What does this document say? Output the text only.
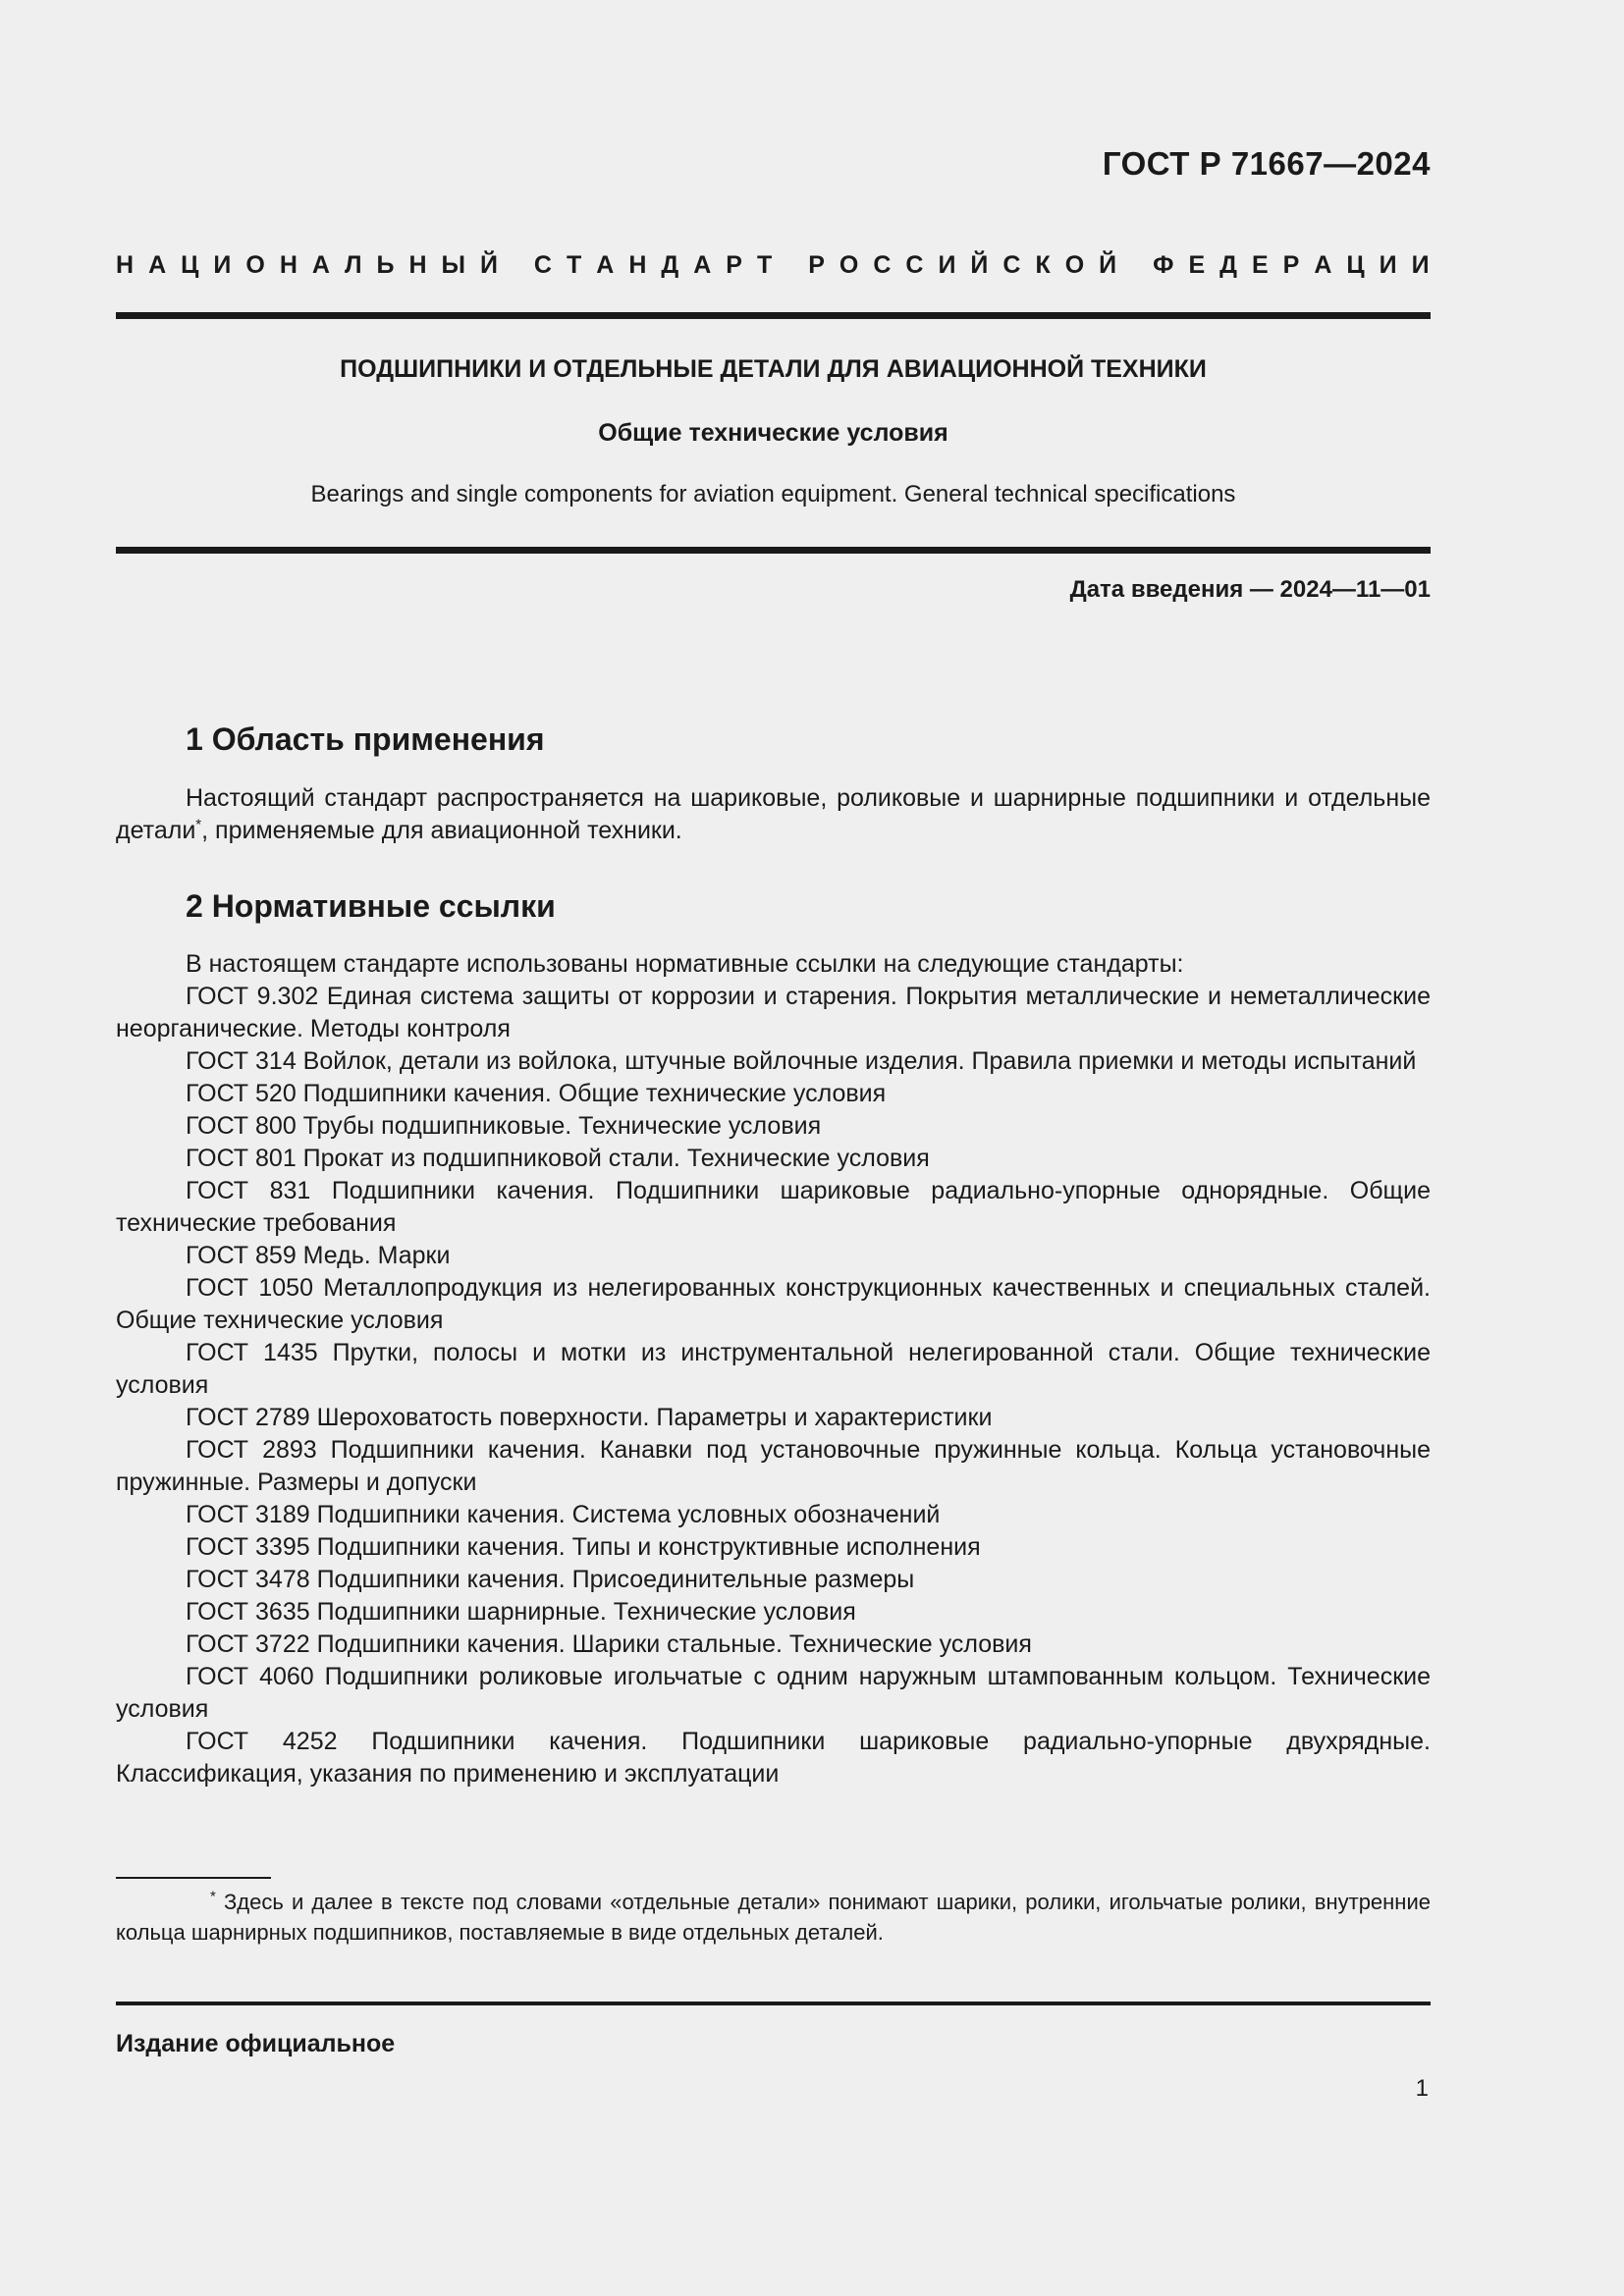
ГОСТ Р 71667—2024
Н А Ц И О Н А Л Ь Н Ы Й
С Т А Н Д А Р Т
Р О С С И Й С К О Й
Ф Е Д Е Р А Ц И И
ПОДШИПНИКИ И ОТДЕЛЬНЫЕ ДЕТАЛИ ДЛЯ АВИАЦИОННОЙ ТЕХНИКИ
Общие технические условия
Bearings and single components for aviation equipment. General technical specifications
Дата введения — 2024—11—01
1 Область применения

Настоящий стандарт распространяется на шариковые, роликовые и шарнирные подшипники и отдельные детали*, применяемые для авиационной техники.

2 Нормативные ссылки

В настоящем стандарте использованы нормативные ссылки на следующие стандарты:

ГОСТ 9.302 Единая система защиты от коррозии и старения. Покрытия металлические и неметаллические неорганические. Методы контроля

ГОСТ 314 Войлок, детали из войлока, штучные войлочные изделия. Правила приемки и методы испытаний

ГОСТ 520 Подшипники качения. Общие технические условия

ГОСТ 800 Трубы подшипниковые. Технические условия

ГОСТ 801 Прокат из подшипниковой стали. Технические условия

ГОСТ 831 Подшипники качения. Подшипники шариковые радиально-упорные однорядные. Общие технические требования

ГОСТ 859 Медь. Марки

ГОСТ 1050 Металлопродукция из нелегированных конструкционных качественных и специальных сталей. Общие технические условия

ГОСТ 1435 Прутки, полосы и мотки из инструментальной нелегированной стали. Общие технические условия

ГОСТ 2789 Шероховатость поверхности. Параметры и характеристики

ГОСТ 2893 Подшипники качения. Канавки под установочные пружинные кольца. Кольца установочные пружинные. Размеры и допуски

ГОСТ 3189 Подшипники качения. Система условных обозначений

ГОСТ 3395 Подшипники качения. Типы и конструктивные исполнения

ГОСТ 3478 Подшипники качения. Присоединительные размеры

ГОСТ 3635 Подшипники шарнирные. Технические условия

ГОСТ 3722 Подшипники качения. Шарики стальные. Технические условия

ГОСТ 4060 Подшипники роликовые игольчатые с одним наружным штампованным кольцом. Технические условия

ГОСТ 4252 Подшипники качения. Подшипники шариковые радиально-упорные двухрядные. Классификация, указания по применению и эксплуатации

* Здесь и далее в тексте под словами «отдельные детали» понимают шарики, ролики, игольчатые ролики, внутренние кольца шарнирных подшипников, поставляемые в виде отдельных деталей.

Издание официальное
1
